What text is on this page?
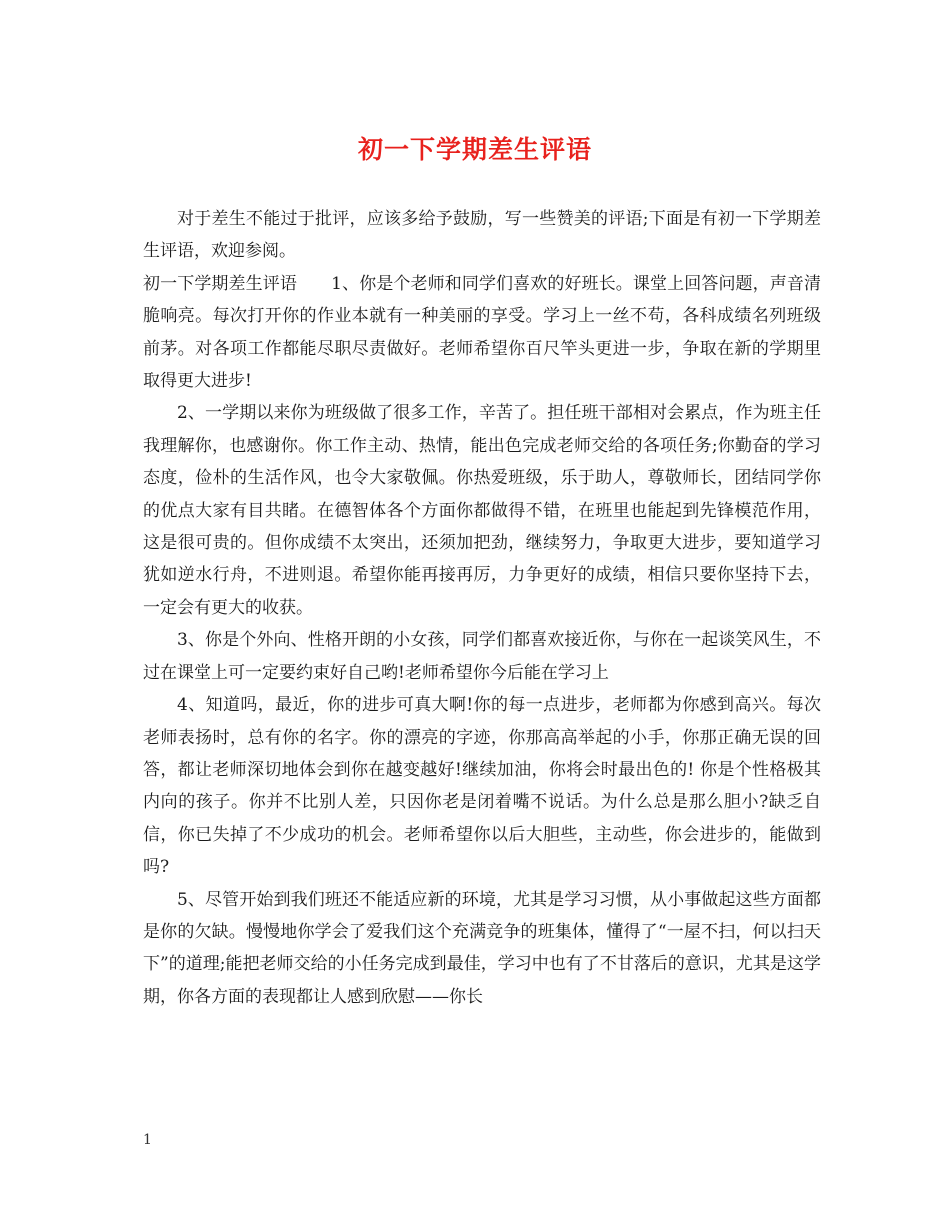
初一下学期差生评语

对于差生不能过于批评，应该多给予鼓励，写一些赞美的评语;下面是有初一下学期差生评语，欢迎参阅。

初一下学期差生评语　　1、你是个老师和同学们喜欢的好班长。课堂上回答问题，声音清脆响亮。每次打开你的作业本就有一种美丽的享受。学习上一丝不苟，各科成绩名列班级前茅。对各项工作都能尽职尽责做好。老师希望你百尺竿头更进一步，争取在新的学期里取得更大进步!

2、一学期以来你为班级做了很多工作，辛苦了。担任班干部相对会累点，作为班主任我理解你，也感谢你。你工作主动、热情，能出色完成老师交给的各项任务;你勤奋的学习态度，俭朴的生活作风，也令大家敬佩。你热爱班级，乐于助人，尊敬师长，团结同学你的优点大家有目共睹。在德智体各个方面你都做得不错，在班里也能起到先锋模范作用，这是很可贵的。但你成绩不太突出，还须加把劲，继续努力，争取更大进步，要知道学习犹如逆水行舟，不进则退。希望你能再接再厉，力争更好的成绩，相信只要你坚持下去，一定会有更大的收获。

3、你是个外向、性格开朗的小女孩，同学们都喜欢接近你，与你在一起谈笑风生，不过在课堂上可一定要约束好自己哟!老师希望你今后能在学习上

4、知道吗，最近，你的进步可真大啊!你的每一点进步，老师都为你感到高兴。每次老师表扬时，总有你的名字。你的漂亮的字迹，你那高高举起的小手，你那正确无误的回答，都让老师深切地体会到你在越变越好!继续加油，你将会时最出色的! 你是个性格极其内向的孩子。你并不比别人差，只因你老是闭着嘴不说话。为什么总是那么胆小?缺乏自信，你已失掉了不少成功的机会。老师希望你以后大胆些，主动些，你会进步的，能做到吗?

5、尽管开始到我们班还不能适应新的环境，尤其是学习习惯，从小事做起这些方面都是你的欠缺。慢慢地你学会了爱我们这个充满竞争的班集体，懂得了“一屋不扫，何以扫天下”的道理;能把老师交给的小任务完成到最佳，学习中也有了不甘落后的意识，尤其是这学期，你各方面的表现都让人感到欣慰——你长

1
